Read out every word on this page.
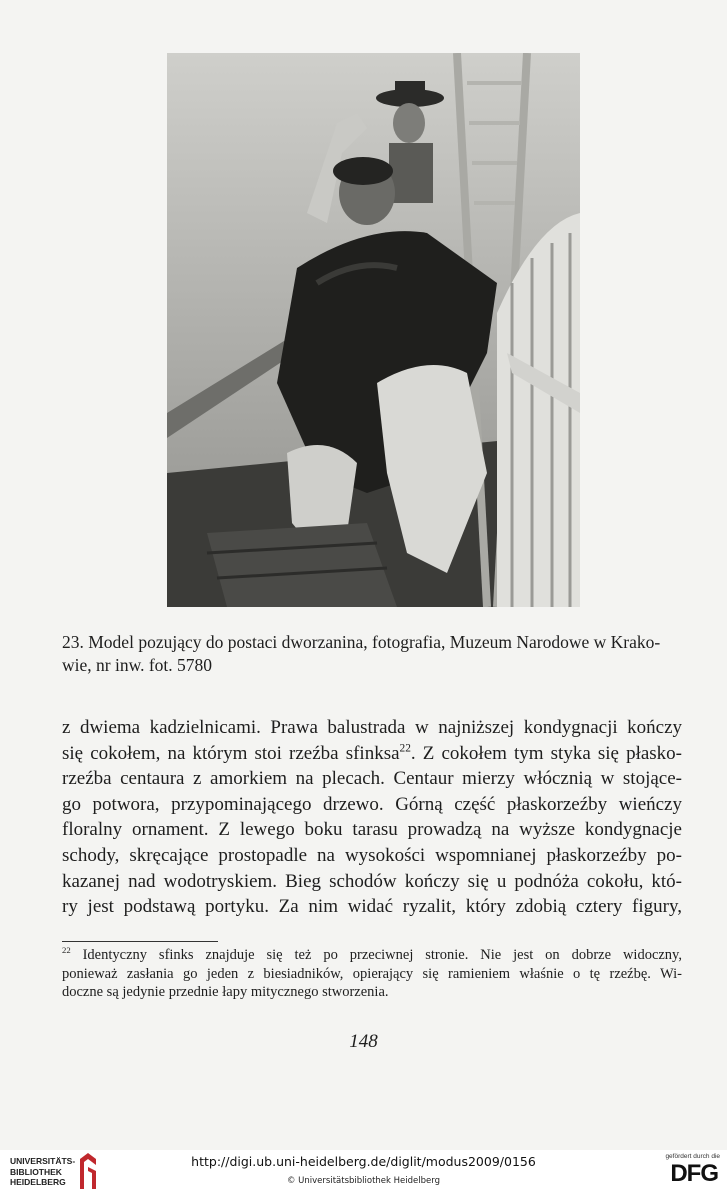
23. Model pozujący do postaci dworzanina, fotografia, Muzeum Narodowe w Krako-
wie, nr inw. fot. 5780
z dwiema kadzielnicami. Prawa balustrada w najniższej kondygnacji kończy
się cokołem, na którym stoi rzeźba sfinksa$^{22}$. Z cokołem tym styka się płasko-
rzeźba centaura z amorkiem na plecach. Centaur mierzy włócznią w stojące-
go potwora, przypominającego drzewo. Górną część płaskorzeźby wieńczy
floralny ornament. Z lewego boku tarasu prowadzą na wyższe kondygnacje
schody, skręcające prostopadle na wysokości wspomnianej płaskorzeźby po-
kazanej nad wodotryskiem. Bieg schodów kończy się u podnóża cokołu, któ-
ry jest podstawą portyku. Za nim widać ryzalit, który zdobią cztery figury,
$^{22}$ Identyczny sfinks znajduje się też po przeciwnej stronie. Nie jest on dobrze widoczny,
ponieważ zasłania go jeden z biesiadników, opierający się ramieniem właśnie o tę rzeźbę. Wi-
doczne są jedynie przednie łapy mitycznego stworzenia.
148
UNIVERSITÄTS-
BIBLIOTHEK
HEIDELBERG
http://digi.ub.uni-heidelberg.de/diglit/modus2009/0156
© Universitätsbibliothek Heidelberg
gefördert durch die
DFG
